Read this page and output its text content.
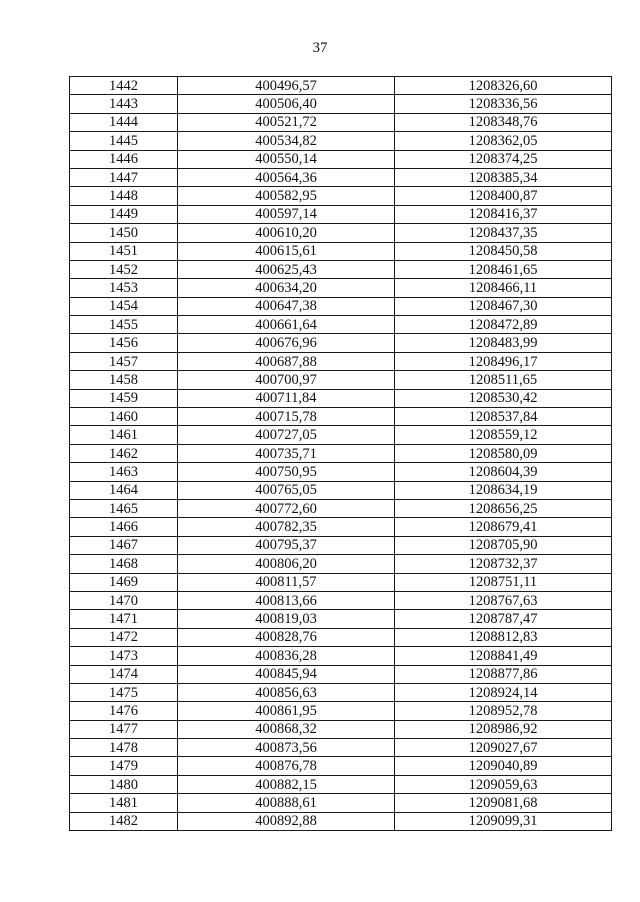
37
1442	400496,57	1208326,60
1443	400506,40	1208336,56
1444	400521,72	1208348,76
1445	400534,82	1208362,05
1446	400550,14	1208374,25
1447	400564,36	1208385,34
1448	400582,95	1208400,87
1449	400597,14	1208416,37
1450	400610,20	1208437,35
1451	400615,61	1208450,58
1452	400625,43	1208461,65
1453	400634,20	1208466,11
1454	400647,38	1208467,30
1455	400661,64	1208472,89
1456	400676,96	1208483,99
1457	400687,88	1208496,17
1458	400700,97	1208511,65
1459	400711,84	1208530,42
1460	400715,78	1208537,84
1461	400727,05	1208559,12
1462	400735,71	1208580,09
1463	400750,95	1208604,39
1464	400765,05	1208634,19
1465	400772,60	1208656,25
1466	400782,35	1208679,41
1467	400795,37	1208705,90
1468	400806,20	1208732,37
1469	400811,57	1208751,11
1470	400813,66	1208767,63
1471	400819,03	1208787,47
1472	400828,76	1208812,83
1473	400836,28	1208841,49
1474	400845,94	1208877,86
1475	400856,63	1208924,14
1476	400861,95	1208952,78
1477	400868,32	1208986,92
1478	400873,56	1209027,67
1479	400876,78	1209040,89
1480	400882,15	1209059,63
1481	400888,61	1209081,68
1482	400892,88	1209099,31
